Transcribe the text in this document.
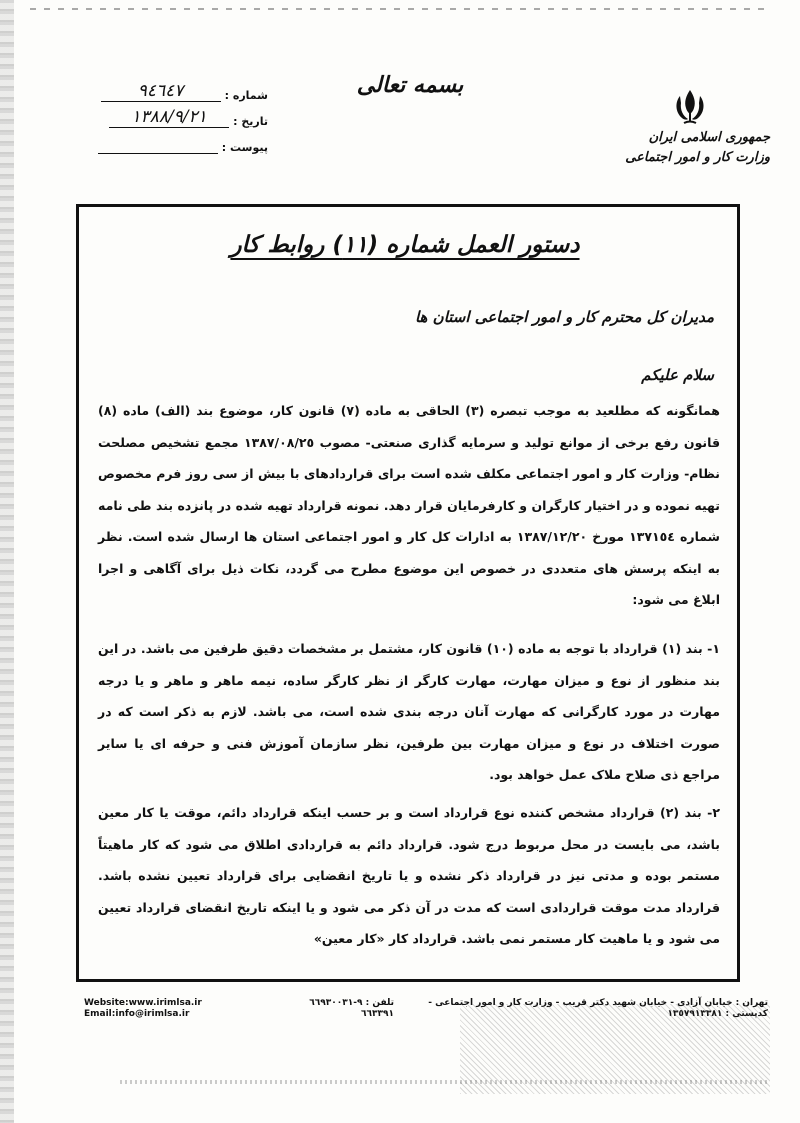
شماره :
٩٤٦٤٧
تاریخ :
١٣٨٨/٩/٢١
پیوست :
بسمه تعالی
جمهوری اسلامی ایران
وزارت کار و امور اجتماعی
دستور العمل شماره (١١) روابط کار
مدیران کل محترم کار و امور اجتماعی استان ها
سلام علیکم
همانگونه که مطلعید به موجب تبصره (٣) الحاقی به ماده (٧) قانون کار، موضوع بند (الف) ماده (٨) قانون رفع برخی از موانع تولید و سرمایه گذاری صنعتی- مصوب ١٣٨٧/٠٨/٢٥ مجمع تشخیص مصلحت نظام- وزارت کار و امور اجتماعی مکلف شده است برای قراردادهای با بیش از سی روز فرم مخصوص تهیه نموده و در اختیار کارگران و کارفرمایان قرار دهد. نمونه قرارداد تهیه شده در پانزده بند طی نامه شماره ١٣٧١٥٤ مورخ ١٣٨٧/١٢/٢٠ به ادارات کل کار و امور اجتماعی استان ها ارسال شده است. نظر به اینکه پرسش های متعددی در خصوص این موضوع مطرح می گردد، نکات ذیل برای آگاهی و اجرا ابلاغ می شود:
١- بند (١) قرارداد با توجه به ماده (١٠) قانون کار، مشتمل بر مشخصات دقیق طرفین می باشد. در این بند منظور از نوع و میزان مهارت، مهارت کارگر از نظر کارگر ساده، نیمه ماهر و ماهر و یا درجه مهارت در مورد کارگرانی که مهارت آنان درجه بندی شده است، می باشد. لازم به ذکر است که در صورت اختلاف در نوع و میزان مهارت بین طرفین، نظر سازمان آموزش فنی و حرفه ای یا سایر مراجع ذی صلاح ملاک عمل خواهد بود.
٢- بند (٢) قرارداد مشخص کننده نوع قرارداد است و بر حسب اینکه قرارداد دائم، موقت یا کار معین باشد، می بایست در محل مربوط درج شود. قرارداد دائم به قراردادی اطلاق می شود که کار ماهیتاً مستمر بوده و مدتی نیز در قرارداد ذکر نشده و یا تاریخ انقضایی برای قرارداد تعیین نشده باشد. قرارداد مدت موقت قراردادی است که مدت در آن ذکر می شود و یا اینکه تاریخ انقضای قرارداد تعیین می شود و یا ماهیت کار مستمر نمی باشد. قرارداد کار «کار معین»
Website:www.irimlsa.ir
Email:info@irimlsa.ir
تلفن : ٩-٦٦٩٣٠٠٣١
٦٦٣٣٩١
تهران : خیابان آزادی - خیابان شهید دکتر قریب - وزارت کار و امور اجتماعی - کدپستی : ١٣٥٧٩١٣٣٨١
